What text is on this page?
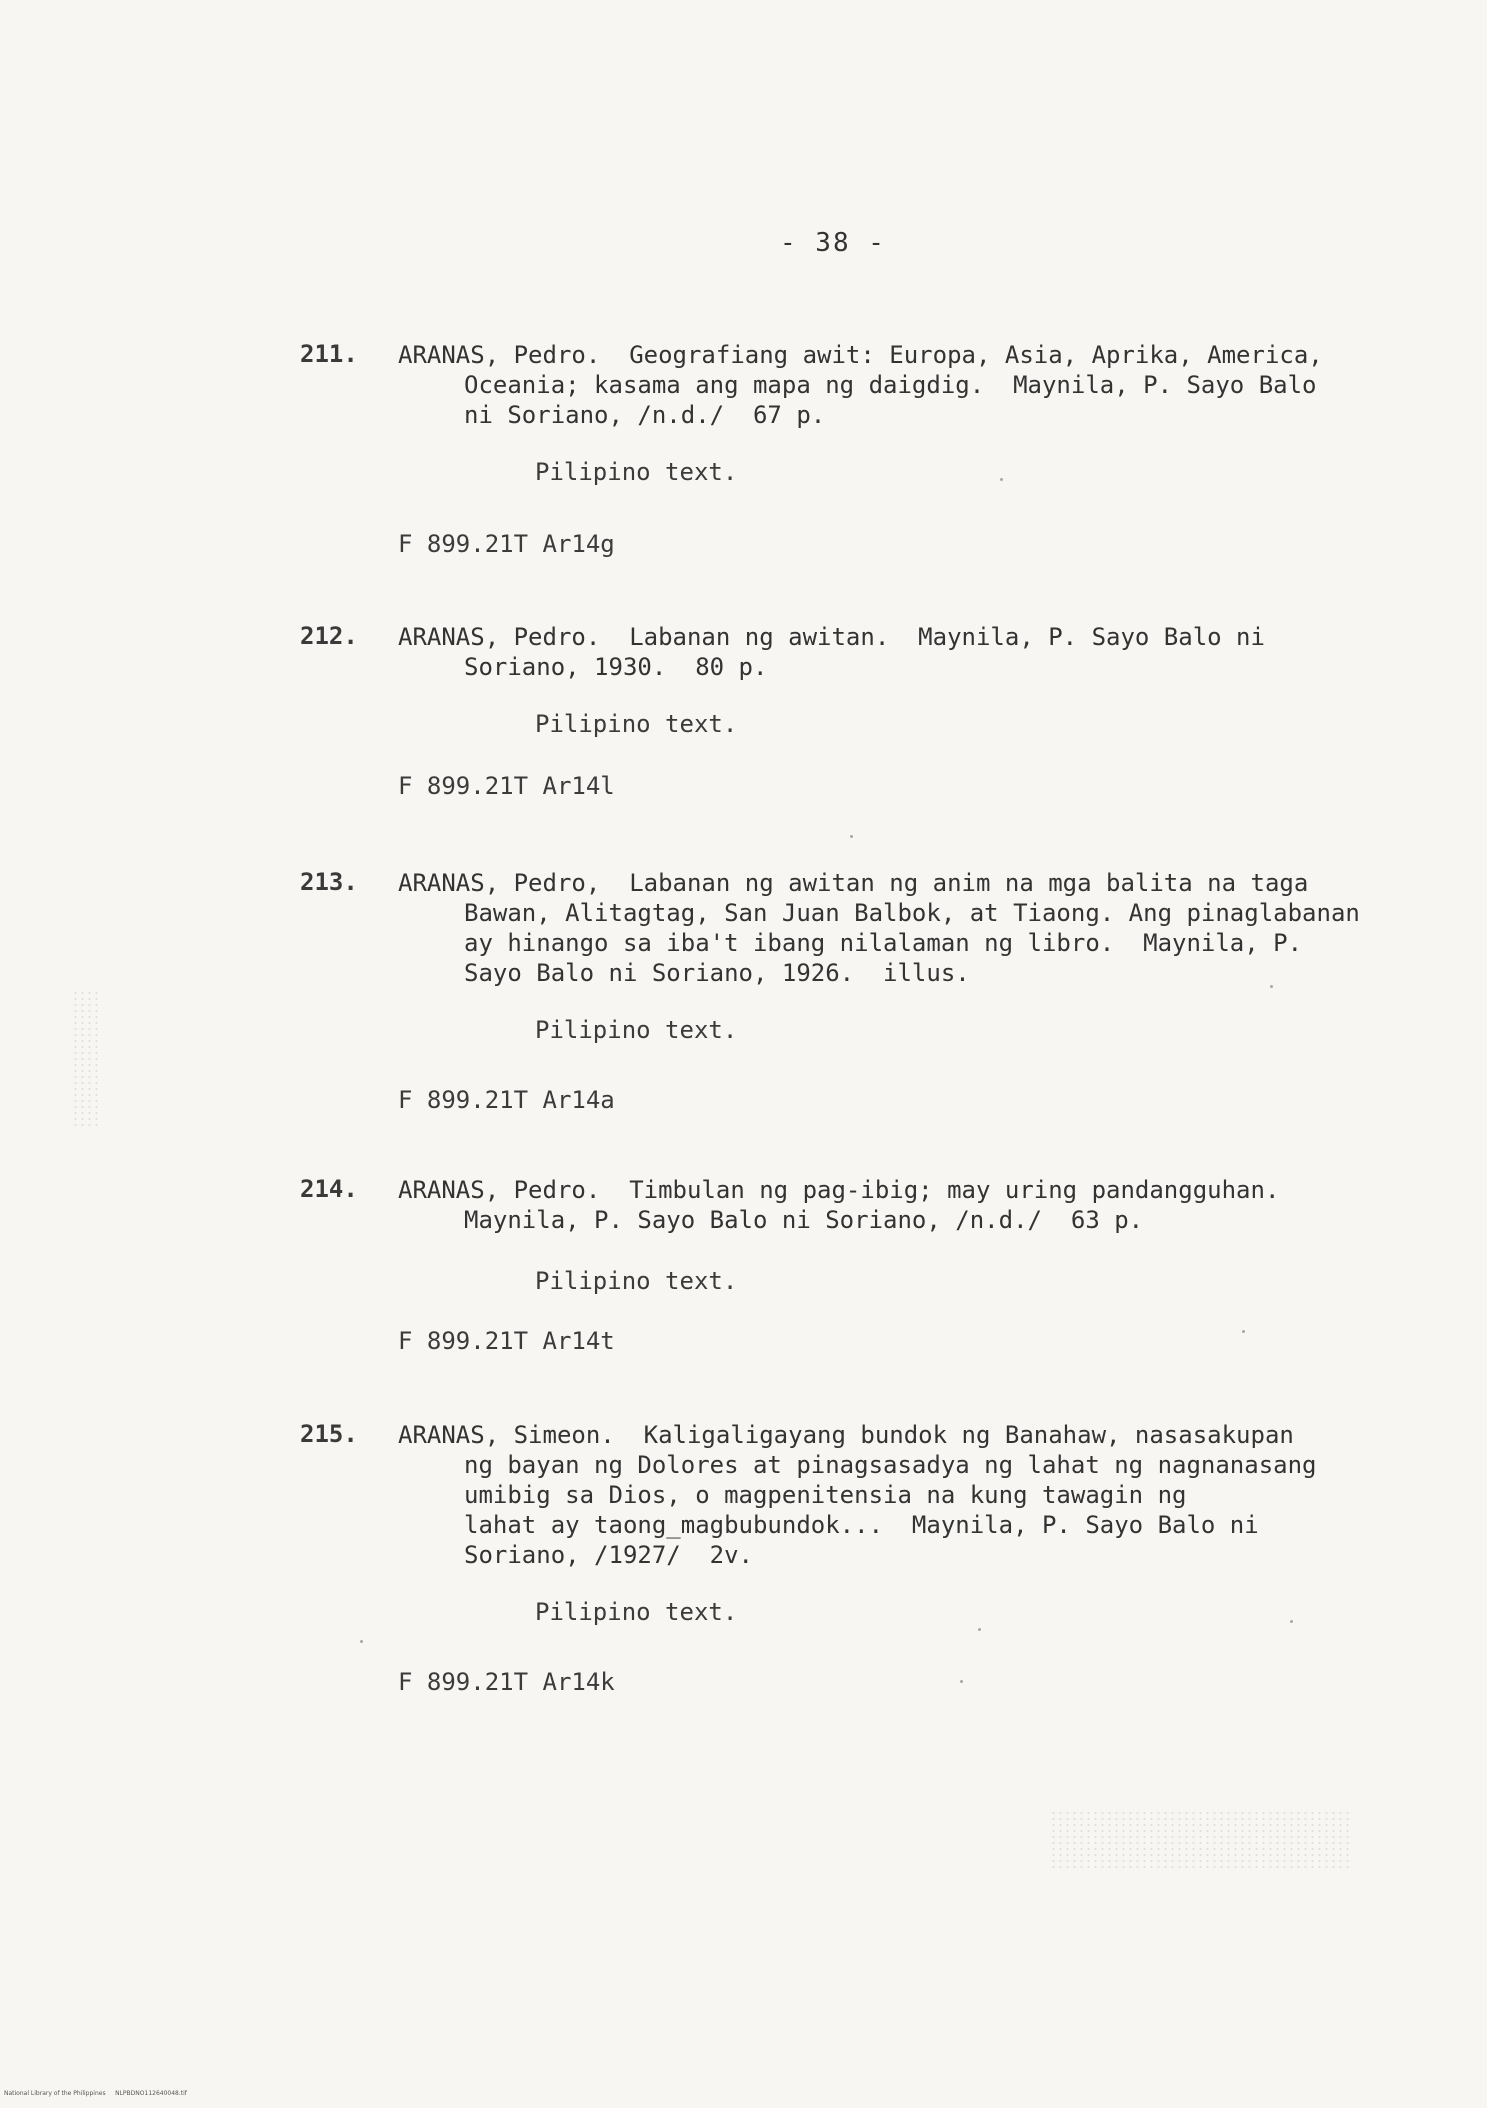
- 38 -
211. ARANAS, Pedro.  Geografiang awit: Europa, Asia, Aprika, America,
Oceania; kasama ang mapa ng daigdig.  Maynila, P. Sayo Balo
ni Soriano, /n.d./  67 p.
Pilipino text.
F 899.21T Ar14g
212. ARANAS, Pedro.  Labanan ng awitan.  Maynila, P. Sayo Balo ni
Soriano, 1930.  80 p.
Pilipino text.
F 899.21T Ar14l
213. ARANAS, Pedro,  Labanan ng awitan ng anim na mga balita na taga
Bawan, Alitagtag, San Juan Balbok, at Tiaong. Ang pinaglabanan
ay hinango sa iba't ibang nilalaman ng libro.  Maynila, P.
Sayo Balo ni Soriano, 1926.  illus.
Pilipino text.
F 899.21T Ar14a
214. ARANAS, Pedro.  Timbulan ng pag-ibig; may uring pandangguhan.
Maynila, P. Sayo Balo ni Soriano, /n.d./  63 p.
Pilipino text.
F 899.21T Ar14t
215. ARANAS, Simeon.  Kaligaligayang bundok ng Banahaw, nasasakupan
ng bayan ng Dolores at pinagsasadya ng lahat ng nagnanasang
umibig sa Dios, o magpenitensia na kung tawagin ng
lahat ay taong_magbubundok...  Maynila, P. Sayo Balo ni
Soriano, /1927/  2v.
Pilipino text.
F 899.21T Ar14k
National Library of the Philippines     NLPBDNO112640048.tif
